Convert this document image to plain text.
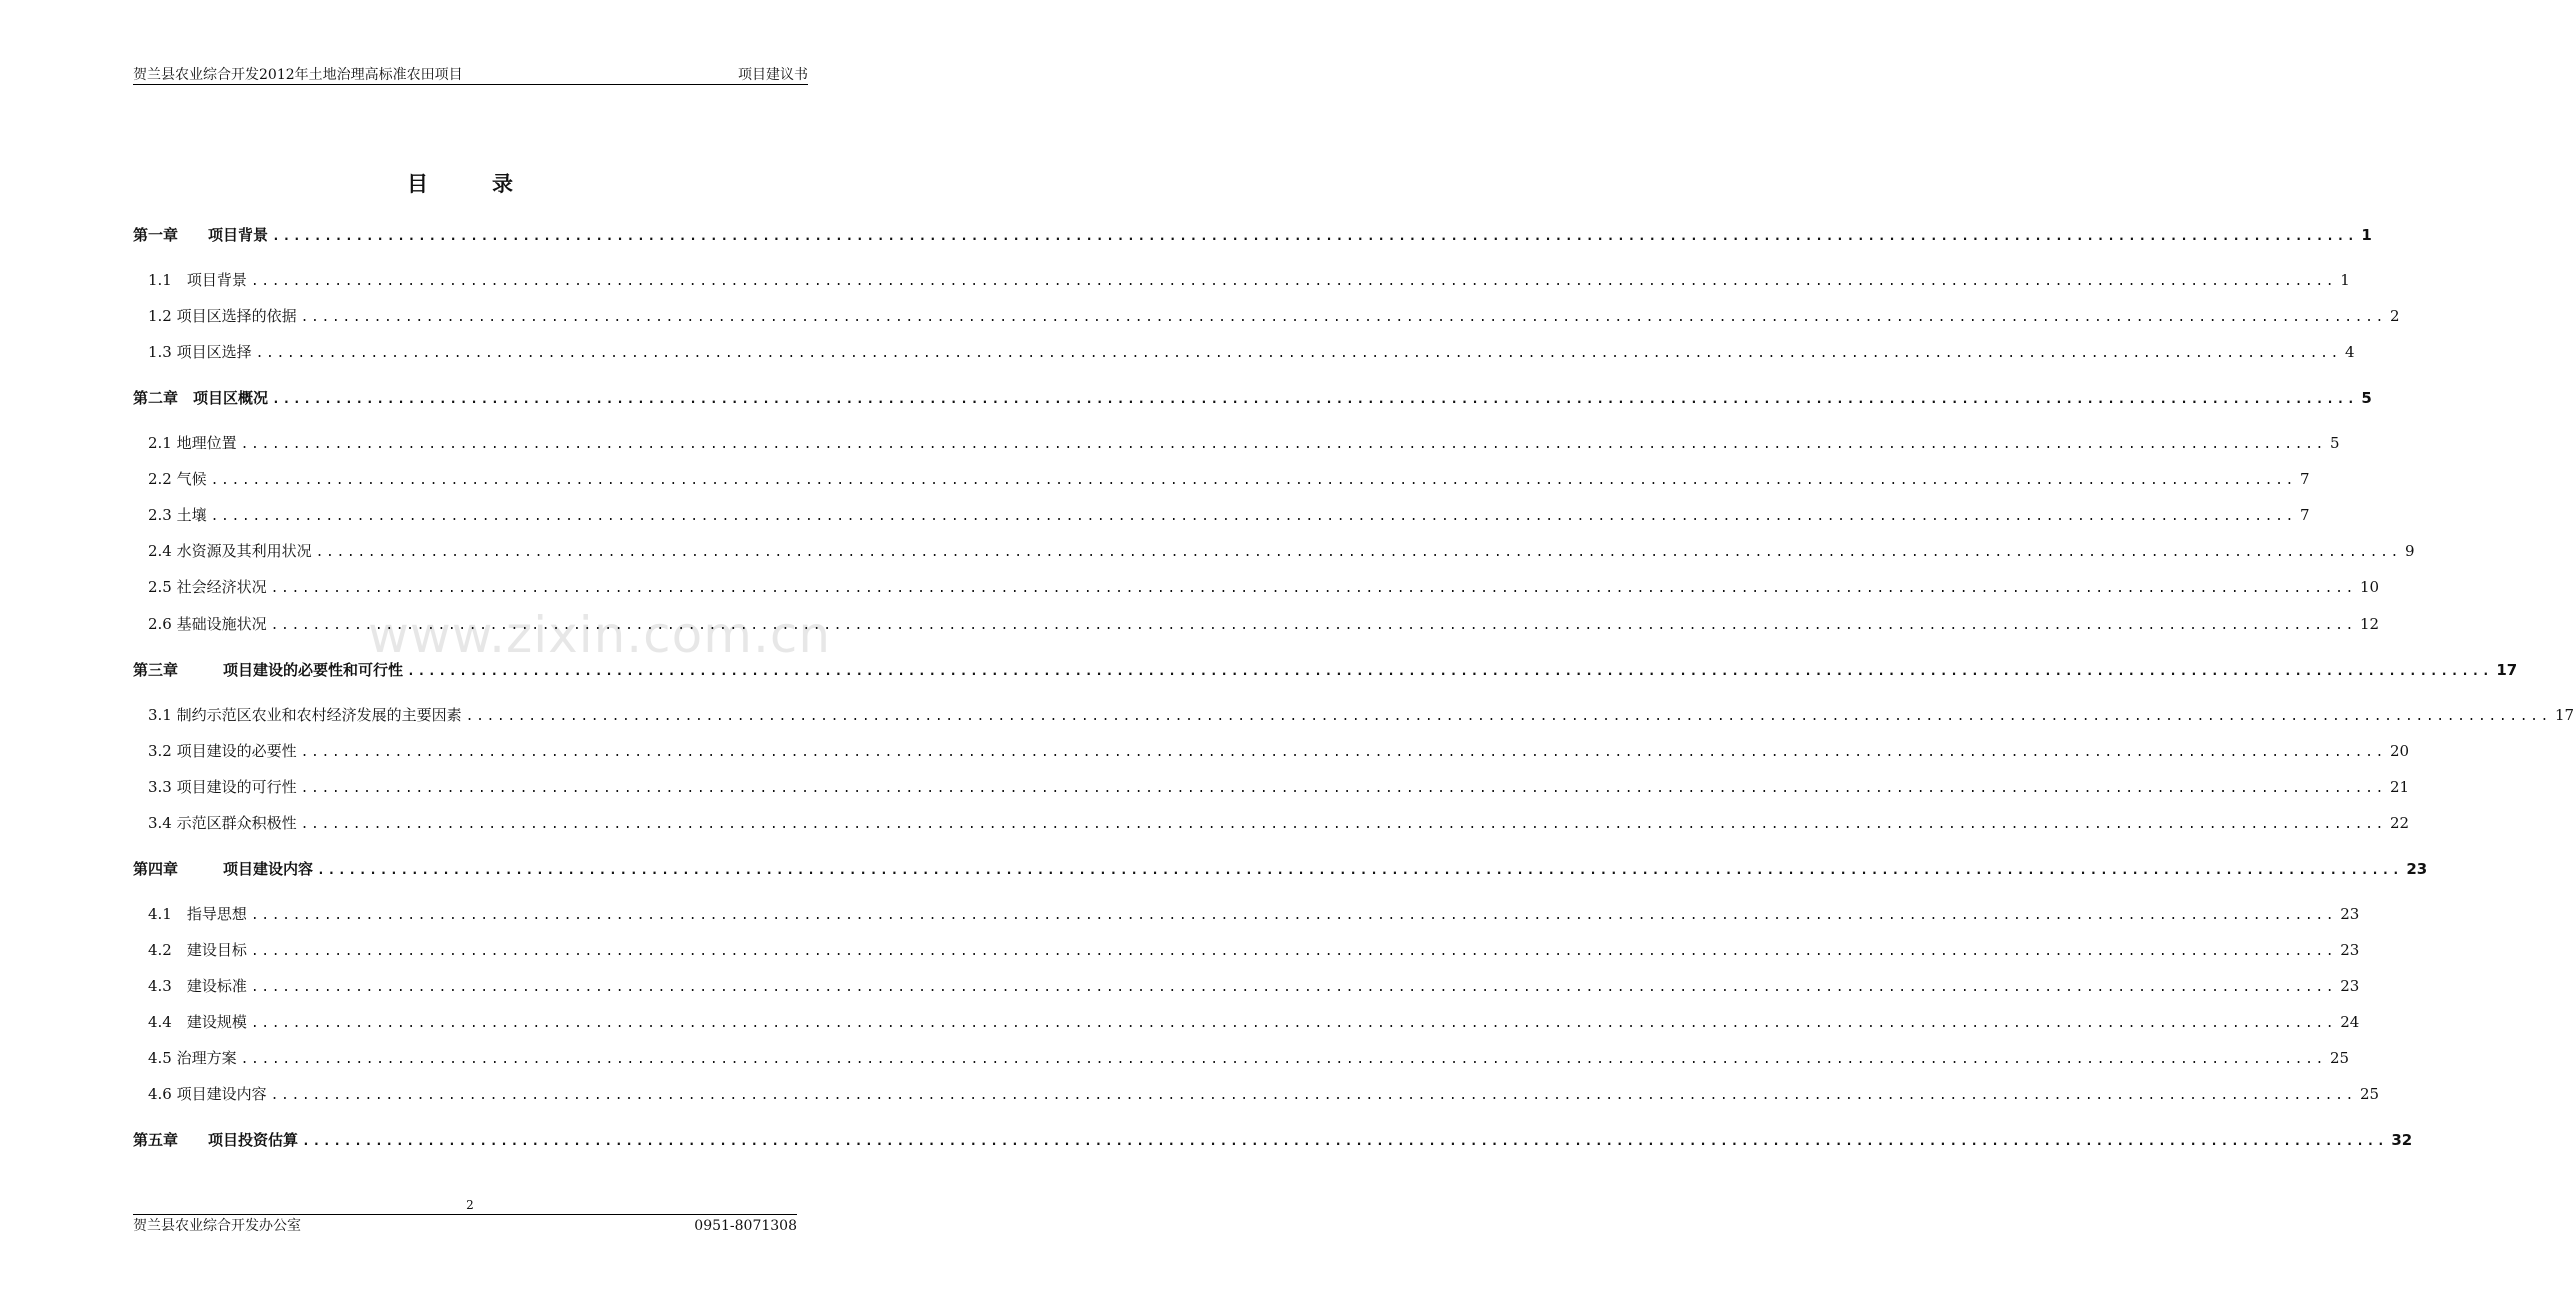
贺兰县农业综合开发2012年土地治理高标准农田项目	项目建议书
目	录
第一章　　项目背景 ........................................................................................................................................................................................................ 1
1.1　项目背景 ........................................................................................................................................................................................................ 1
1.2 项目区选择的依据 ........................................................................................................................................................................................................ 2
1.3 项目区选择 ........................................................................................................................................................................................................ 4
第二章　项目区概况 ........................................................................................................................................................................................................ 5
2.1 地理位置 ........................................................................................................................................................................................................ 5
2.2 气候 ........................................................................................................................................................................................................ 7
2.3 土壤 ........................................................................................................................................................................................................ 7
2.4 水资源及其利用状况 ........................................................................................................................................................................................................ 9
2.5 社会经济状况 ........................................................................................................................................................................................................ 10
2.6 基础设施状况 ........................................................................................................................................................................................................ 12
第三章　　　项目建设的必要性和可行性 ........................................................................................................................................................................................................ 17
3.1 制约示范区农业和农村经济发展的主要因素 ........................................................................................................................................................................................................ 17
3.2 项目建设的必要性 ........................................................................................................................................................................................................ 20
3.3 项目建设的可行性 ........................................................................................................................................................................................................ 21
3.4 示范区群众积极性 ........................................................................................................................................................................................................ 22
第四章　　　项目建设内容 ........................................................................................................................................................................................................ 23
4.1　指导思想 ........................................................................................................................................................................................................ 23
4.2　建设目标 ........................................................................................................................................................................................................ 23
4.3　建设标准 ........................................................................................................................................................................................................ 23
4.4　建设规模 ........................................................................................................................................................................................................ 24
4.5 治理方案 ........................................................................................................................................................................................................ 25
4.6 项目建设内容 ........................................................................................................................................................................................................ 25
第五章　　项目投资估算 ........................................................................................................................................................................................................ 32
www.zixin.com.cn
2
贺兰县农业综合开发办公室	0951-8071308
